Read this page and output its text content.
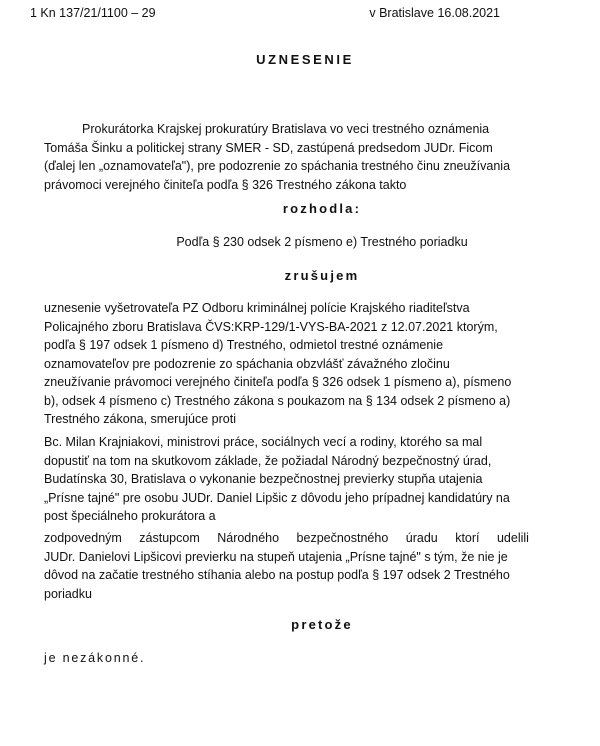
1 Kn 137/21/1100 – 29	v Bratislave 16.08.2021
UZNESENIE
Prokurátorka Krajskej prokuratúry Bratislava vo veci trestného oznámenia
Tomáša Šinku a politickej strany SMER - SD, zastúpená predsedom JUDr. Ficom
(ďalej len „oznamovateľa"), pre podozrenie zo spáchania trestného činu zneužívania
právomoci verejného činiteľa podľa § 326 Trestného zákona takto
rozhodla:
Podľa § 230 odsek 2 písmeno e) Trestného poriadku
zrušujem
uznesenie vyšetrovateľa PZ Odboru kriminálnej polície Krajského riaditeľstva
Policajného zboru Bratislava ČVS:KRP-129/1-VYS-BA-2021 z 12.07.2021 ktorým,
podľa § 197 odsek 1 písmeno d) Trestného, odmietol trestné oznámenie
oznamovateľov pre podozrenie zo spáchania obzvlášť závažného zločinu
zneužívanie právomoci verejného činiteľa podľa § 326 odsek 1 písmeno a), písmeno
b), odsek 4 písmeno c) Trestného zákona s poukazom na § 134 odsek 2 písmeno a)
Trestného zákona, smerujúce proti
Bc. Milan Krajniakovi, ministrovi práce, sociálnych vecí a rodiny, ktorého sa mal
dopustiť na tom na skutkovom základe, že požiadal Národný bezpečnostný úrad,
Budatínska 30, Bratislava o vykonanie bezpečnostnej previerky stupňa utajenia
„Prísne tajné" pre osobu JUDr. Daniel Lipšic z dôvodu jeho prípadnej kandidatúry na
post špeciálneho prokurátora a
zodpovedným zástupcom Národného bezpečnostného úradu ktorí udelili
JUDr. Danielovi Lipšicovi previerku na stupeň utajenia „Prísne tajné" s tým, že nie je
dôvod na začatie trestného stíhania alebo na postup podľa § 197 odsek 2 Trestného
poriadku
pretože
je nezákonné.
